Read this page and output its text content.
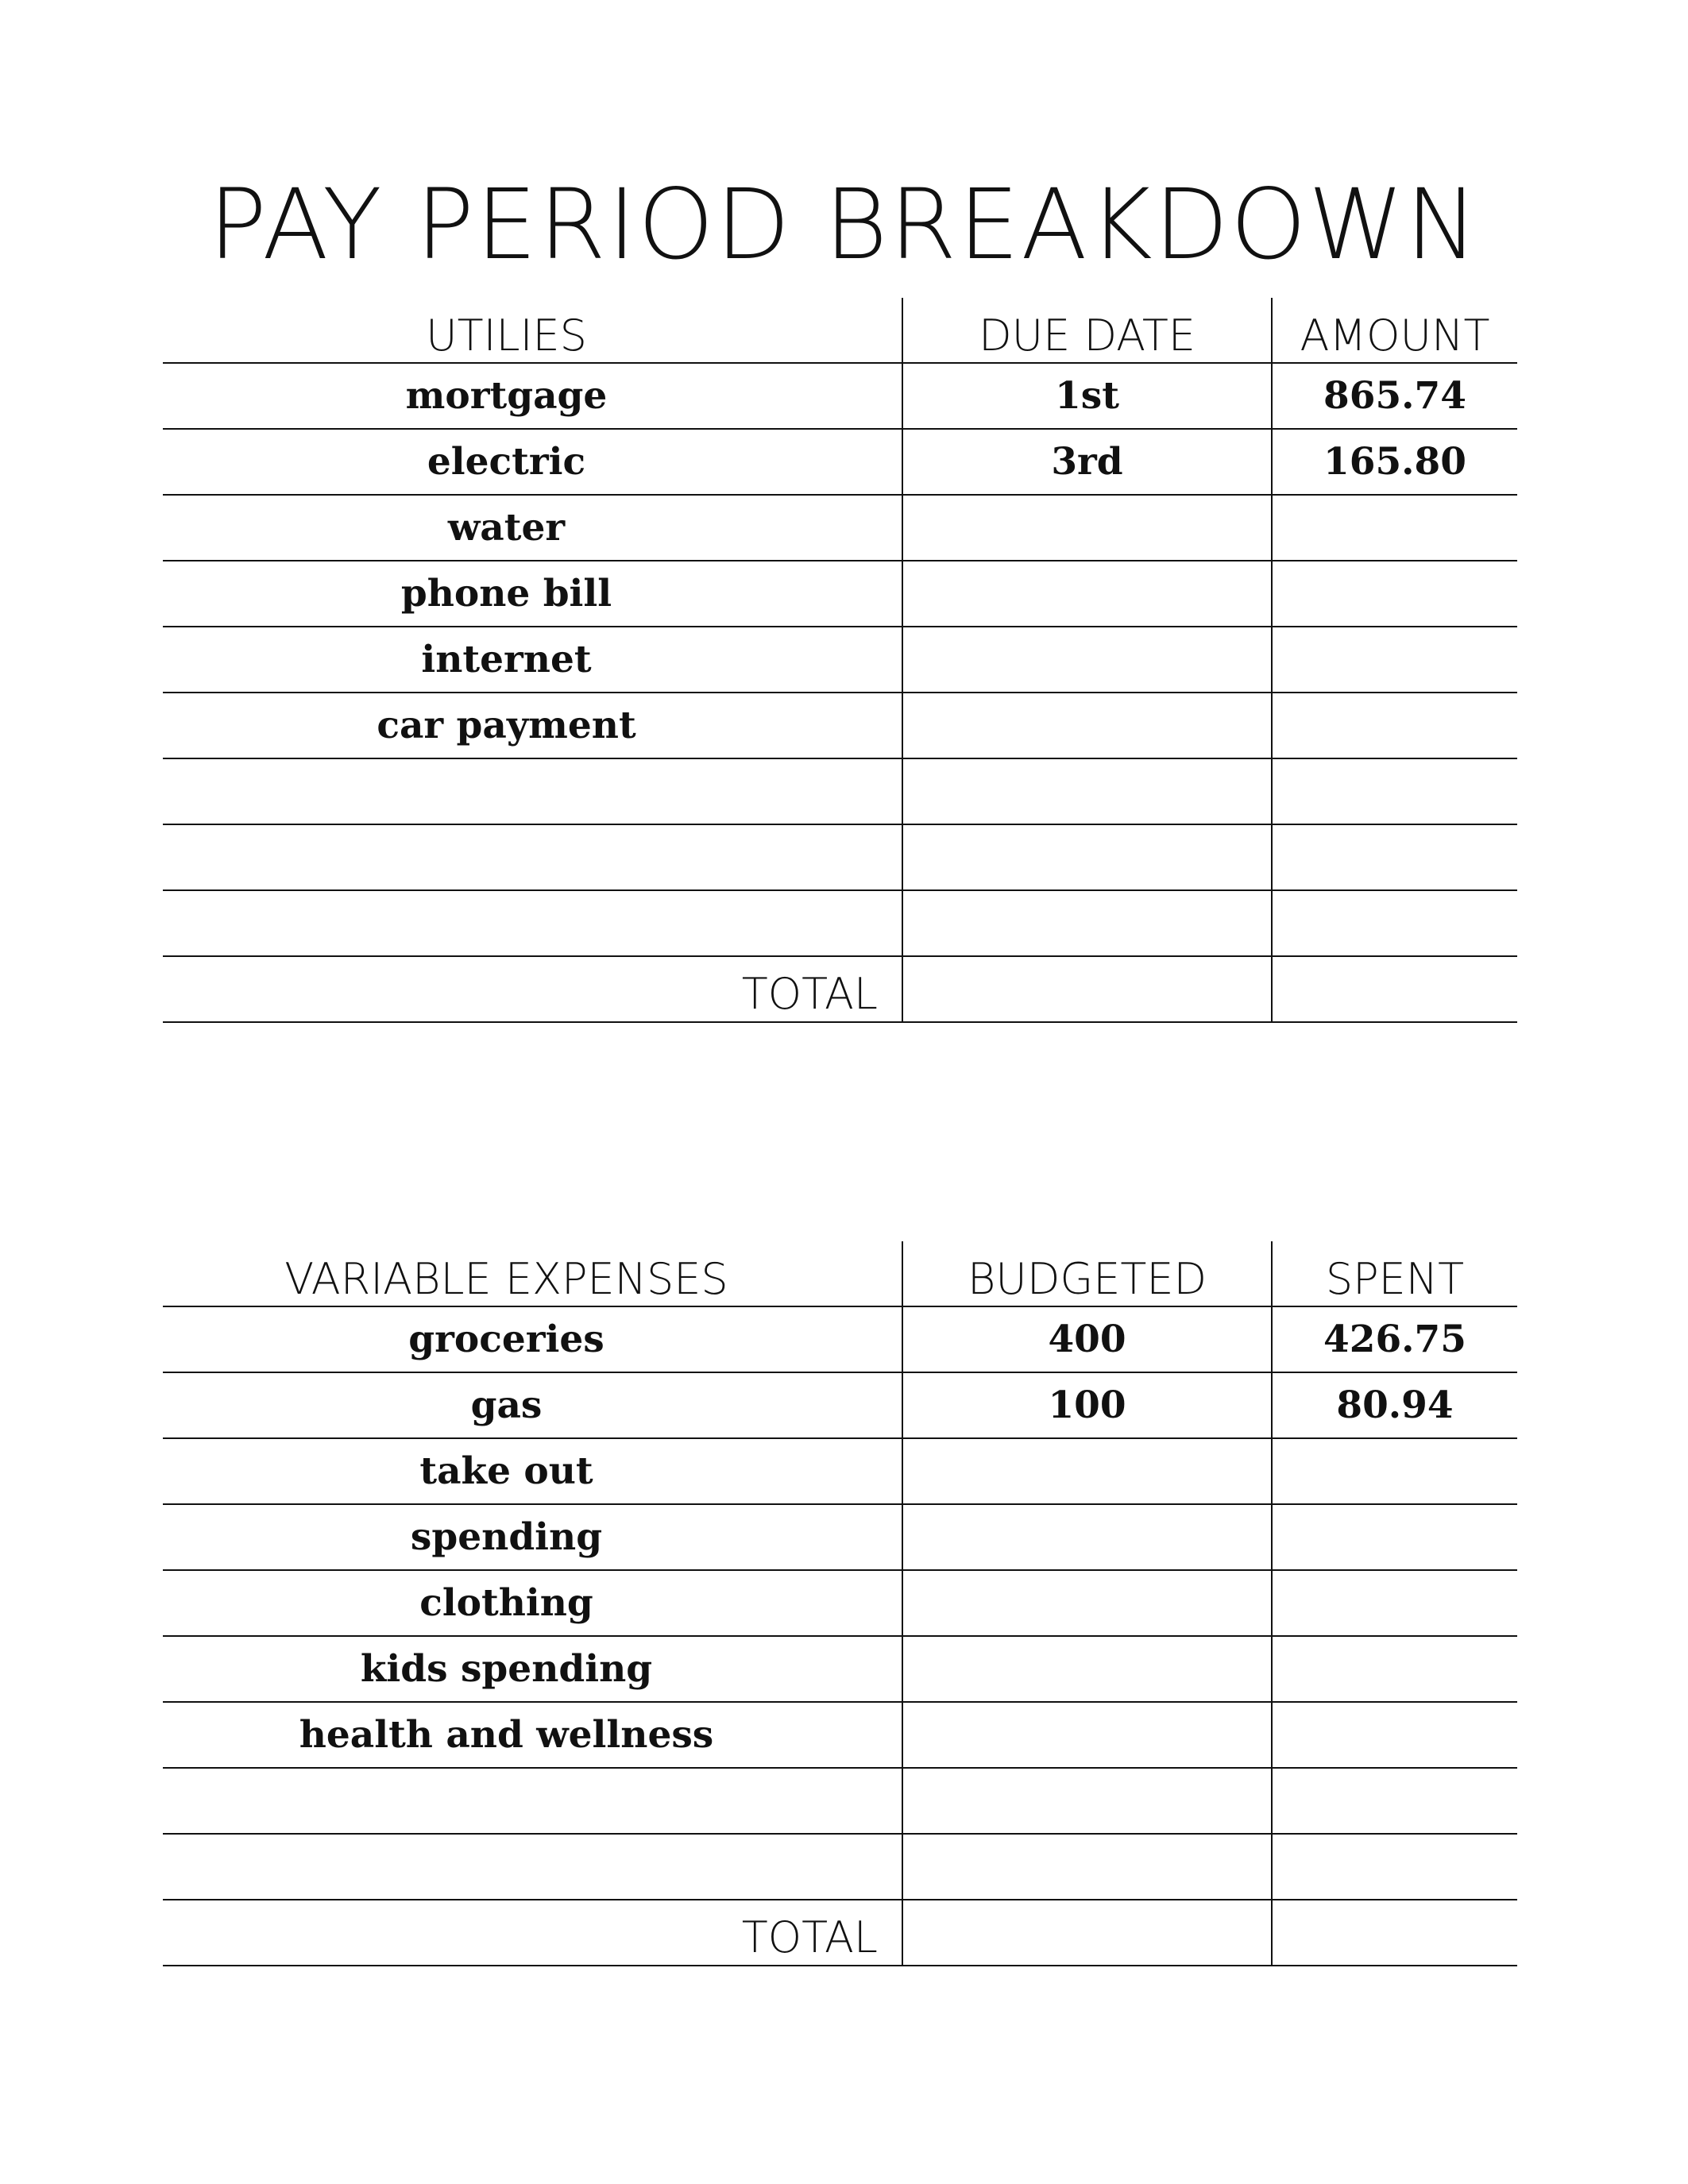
PAY PERIOD BREAKDOWN
UTILIES	DUE DATE	AMOUNT
mortgage	1st	865.74
electric	3rd	165.80
water
phone bill
internet
car payment
TOTAL
VARIABLE EXPENSES	BUDGETED	SPENT
groceries	400	426.75
gas	100	80.94
take out
spending
clothing
kids spending
health and wellness
TOTAL
